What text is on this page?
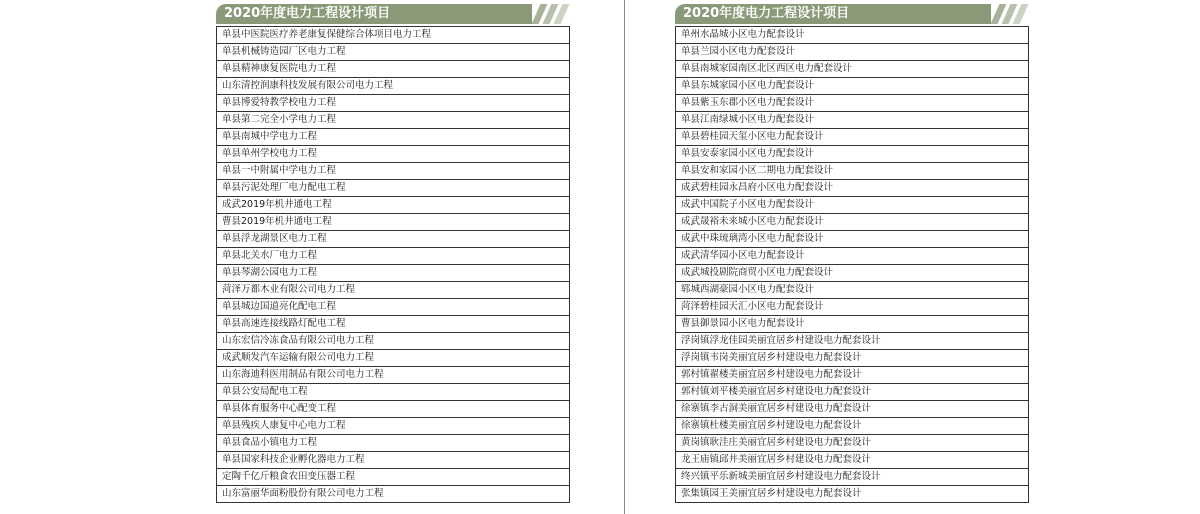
2020年度电力工程设计项目
单县中医院医疗养老康复保健综合体项目电力工程
单县机械铸造园厂区电力工程
单县精神康复医院电力工程
山东清控润康科技发展有限公司电力工程
单县博爱特教学校电力工程
单县第二完全小学电力工程
单县南城中学电力工程
单县单州学校电力工程
单县一中附属中学电力工程
单县污泥处理厂电力配电工程
成武2019年机井通电工程
曹县2019年机井通电工程
单县浮龙湖景区电力工程
单县北关水厂电力工程
单县琴湖公园电力工程
菏泽万都木业有限公司电力工程
单县城边国道亮化配电工程
单县高速连接线路灯配电工程
山东宏信冷冻食品有限公司电力工程
成武顺发汽车运输有限公司电力工程
山东海迪科医用制品有限公司电力工程
单县公安局配电工程
单县体育服务中心配变工程
单县残疾人康复中心电力工程
单县食品小镇电力工程
单县国家科技企业孵化器电力工程
定陶千亿斤粮食农田变压器工程
山东富丽华面粉股份有限公司电力工程
2020年度电力工程设计项目
单州水晶城小区电力配套设计
单县兰园小区电力配套设计
单县南城家园南区北区西区电力配套设计
单县东城家园小区电力配套设计
单县紫玉东郡小区电力配套设计
单县江南绿城小区电力配套设计
单县碧桂园天玺小区电力配套设计
单县安泰家园小区电力配套设计
单县安和家园小区二期电力配套设计
成武碧桂园永昌府小区电力配套设计
成武中国院子小区电力配套设计
成武晟裕未来城小区电力配套设计
成武中珠琉璃湾小区电力配套设计
成武清华园小区电力配套设计
成武城投剧院商贸小区电力配套设计
郓城西湖豪园小区电力配套设计
菏泽碧桂园天汇小区电力配套设计
曹县御景园小区电力配套设计
浮岗镇浮龙佳园美丽宜居乡村建设电力配套设计
浮岗镇韦岗美丽宜居乡村建设电力配套设计
郭村镇翟楼美丽宜居乡村建设电力配套设计
郭村镇刘平楼美丽宜居乡村建设电力配套设计
徐寨镇李古洞美丽宜居乡村建设电力配套设计
徐寨镇杜楼美丽宜居乡村建设电力配套设计
黄岗镇耿洼庄美丽宜居乡村建设电力配套设计
龙王庙镇邱井美丽宜居乡村建设电力配套设计
终兴镇平乐新城美丽宜居乡村建设电力配套设计
张集镇园王美丽宜居乡村建设电力配套设计
